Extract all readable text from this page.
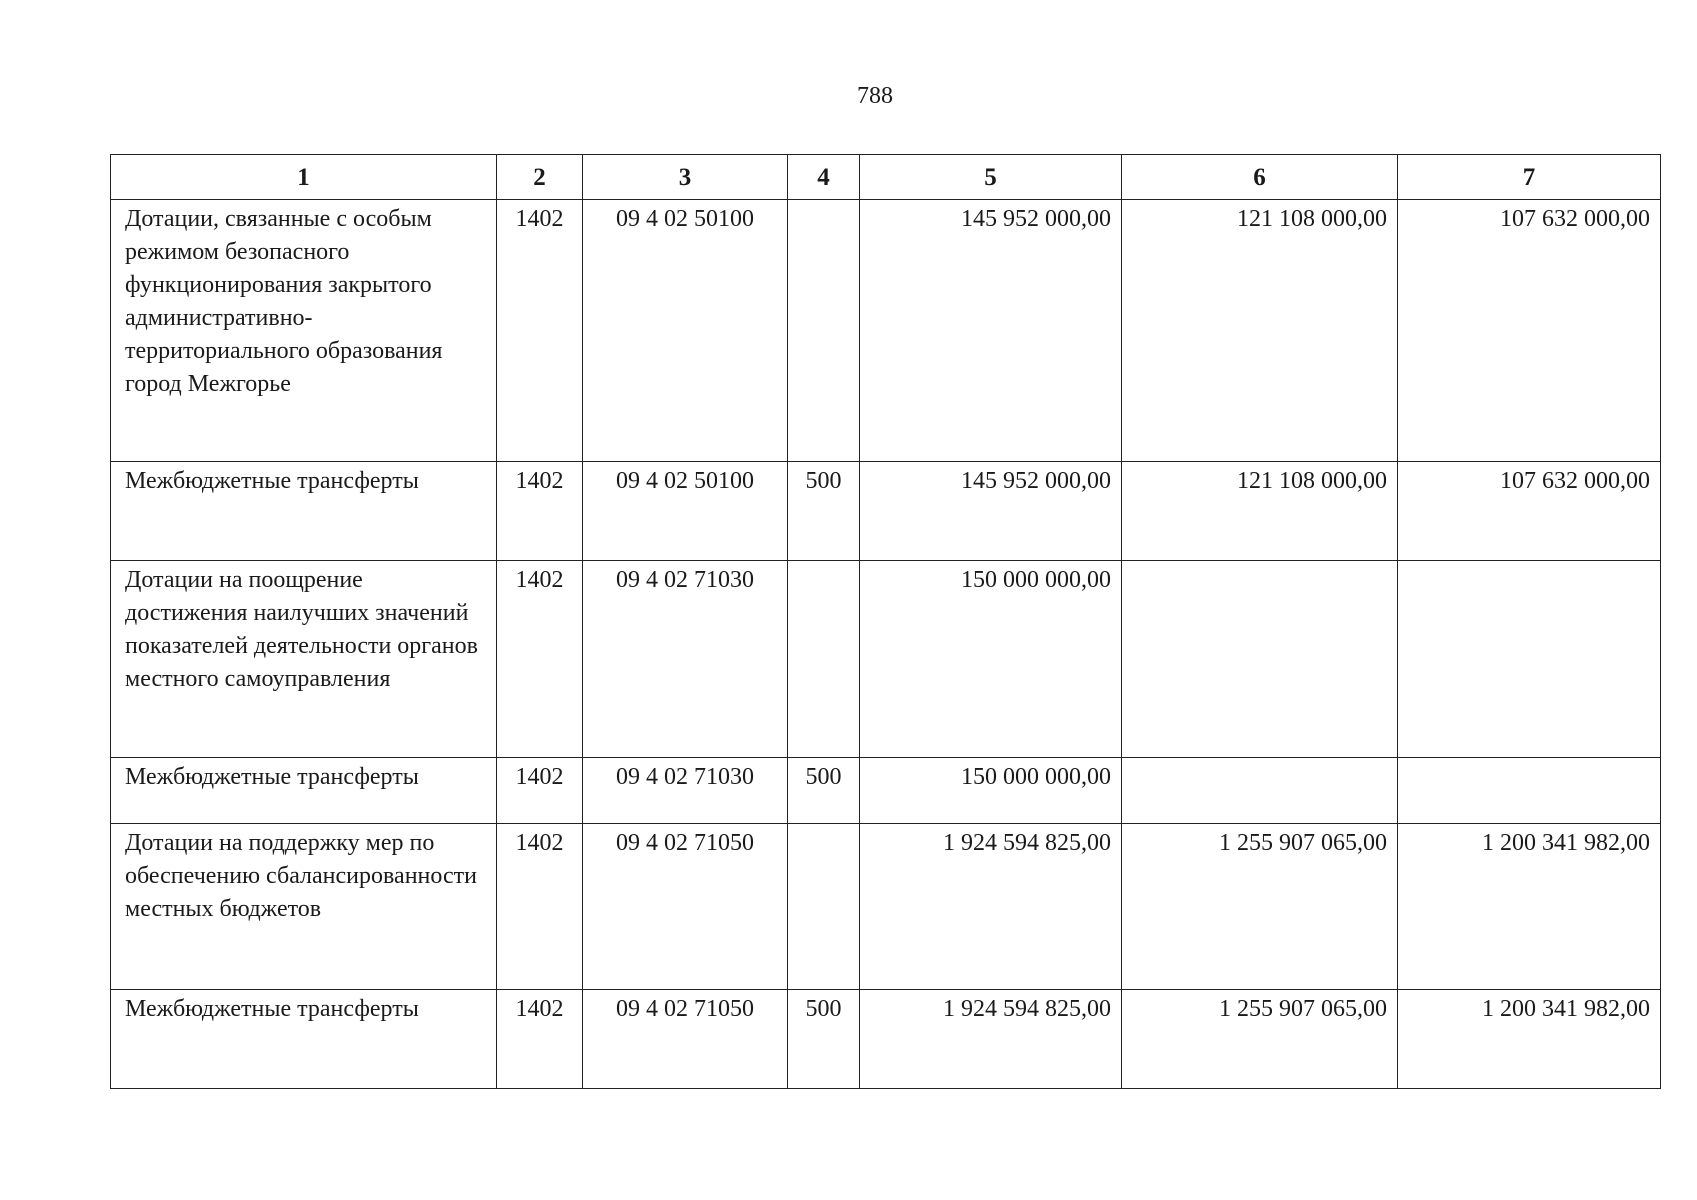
788
1	2	3	4	5	6	7
Дотации, связанные с особым режимом безопасного функционирования закрытого административно-территориального образования город Межгорье	1402	09 4 02 50100		145 952 000,00	121 108 000,00	107 632 000,00
Межбюджетные трансферты	1402	09 4 02 50100	500	145 952 000,00	121 108 000,00	107 632 000,00
Дотации на поощрение достижения наилучших значений показателей деятельности органов местного самоуправления	1402	09 4 02 71030		150 000 000,00		
Межбюджетные трансферты	1402	09 4 02 71030	500	150 000 000,00		
Дотации на поддержку мер по обеспечению сбалансированности местных бюджетов	1402	09 4 02 71050		1 924 594 825,00	1 255 907 065,00	1 200 341 982,00
Межбюджетные трансферты	1402	09 4 02 71050	500	1 924 594 825,00	1 255 907 065,00	1 200 341 982,00
